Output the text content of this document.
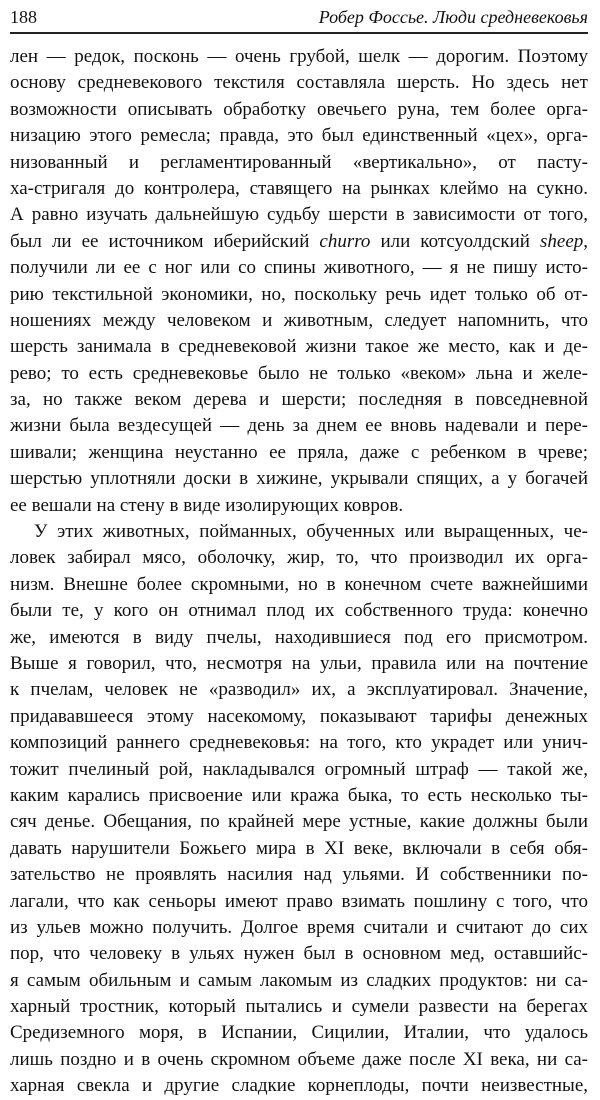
188	Робер Фоссье. Люди средневековья
лен — редок, посконь — очень грубой, шелк — дорогим. Поэтому
основу средневекового текстиля составляла шерсть. Но здесь нет
возможности описывать обработку овечьего руна, тем более орга-
низацию этого ремесла; правда, это был единственный «цех», орга-
низованный и регламентированный «вертикально», от пасту-
ха-стригаля до контролера, ставящего на рынках клеймо на сукно.
А равно изучать дальнейшую судьбу шерсти в зависимости от того,
был ли ее источником иберийский churro или котсуолдский sheep,
получили ли ее с ног или со спины животного, — я не пишу исто-
рию текстильной экономики, но, поскольку речь идет только об от-
ношениях между человеком и животным, следует напомнить, что
шерсть занимала в средневековой жизни такое же место, как и де-
рево; то есть средневековье было не только «веком» льна и желе-
за, но также веком дерева и шерсти; последняя в повседневной
жизни была вездесущей — день за днем ее вновь надевали и пере-
шивали; женщина неустанно ее пряла, даже с ребенком в чреве;
шерстью уплотняли доски в хижине, укрывали спящих, а у богачей
ее вешали на стену в виде изолирующих ковров.
У этих животных, пойманных, обученных или выращенных, че-
ловек забирал мясо, оболочку, жир, то, что производил их орга-
низм. Внешне более скромными, но в конечном счете важнейшими
были те, у кого он отнимал плод их собственного труда: конечно
же, имеются в виду пчелы, находившиеся под его присмотром.
Выше я говорил, что, несмотря на ульи, правила или на почтение
к пчелам, человек не «разводил» их, а эксплуатировал. Значение,
придававшееся этому насекомому, показывают тарифы денежных
композиций раннего средневековья: на того, кто украдет или унич-
тожит пчелиный рой, накладывался огромный штраф — такой же,
каким карались присвоение или кража быка, то есть несколько ты-
сяч денье. Обещания, по крайней мере устные, какие должны были
давать нарушители Божьего мира в XI веке, включали в себя обя-
зательство не проявлять насилия над ульями. И собственники по-
лагали, что как сеньоры имеют право взимать пошлину с того, что
из ульев можно получить. Долгое время считали и считают до сих
пор, что человеку в ульях нужен был в основном мед, оставшийс-
я самым обильным и самым лакомым из сладких продуктов: ни са-
харный тростник, который пытались и сумели развести на берегах
Средиземного моря, в Испании, Сицилии, Италии, что удалось
лишь поздно и в очень скромном объеме даже после XI века, ни са-
харная свекла и другие сладкие корнеплоды, почти неизвестные,
